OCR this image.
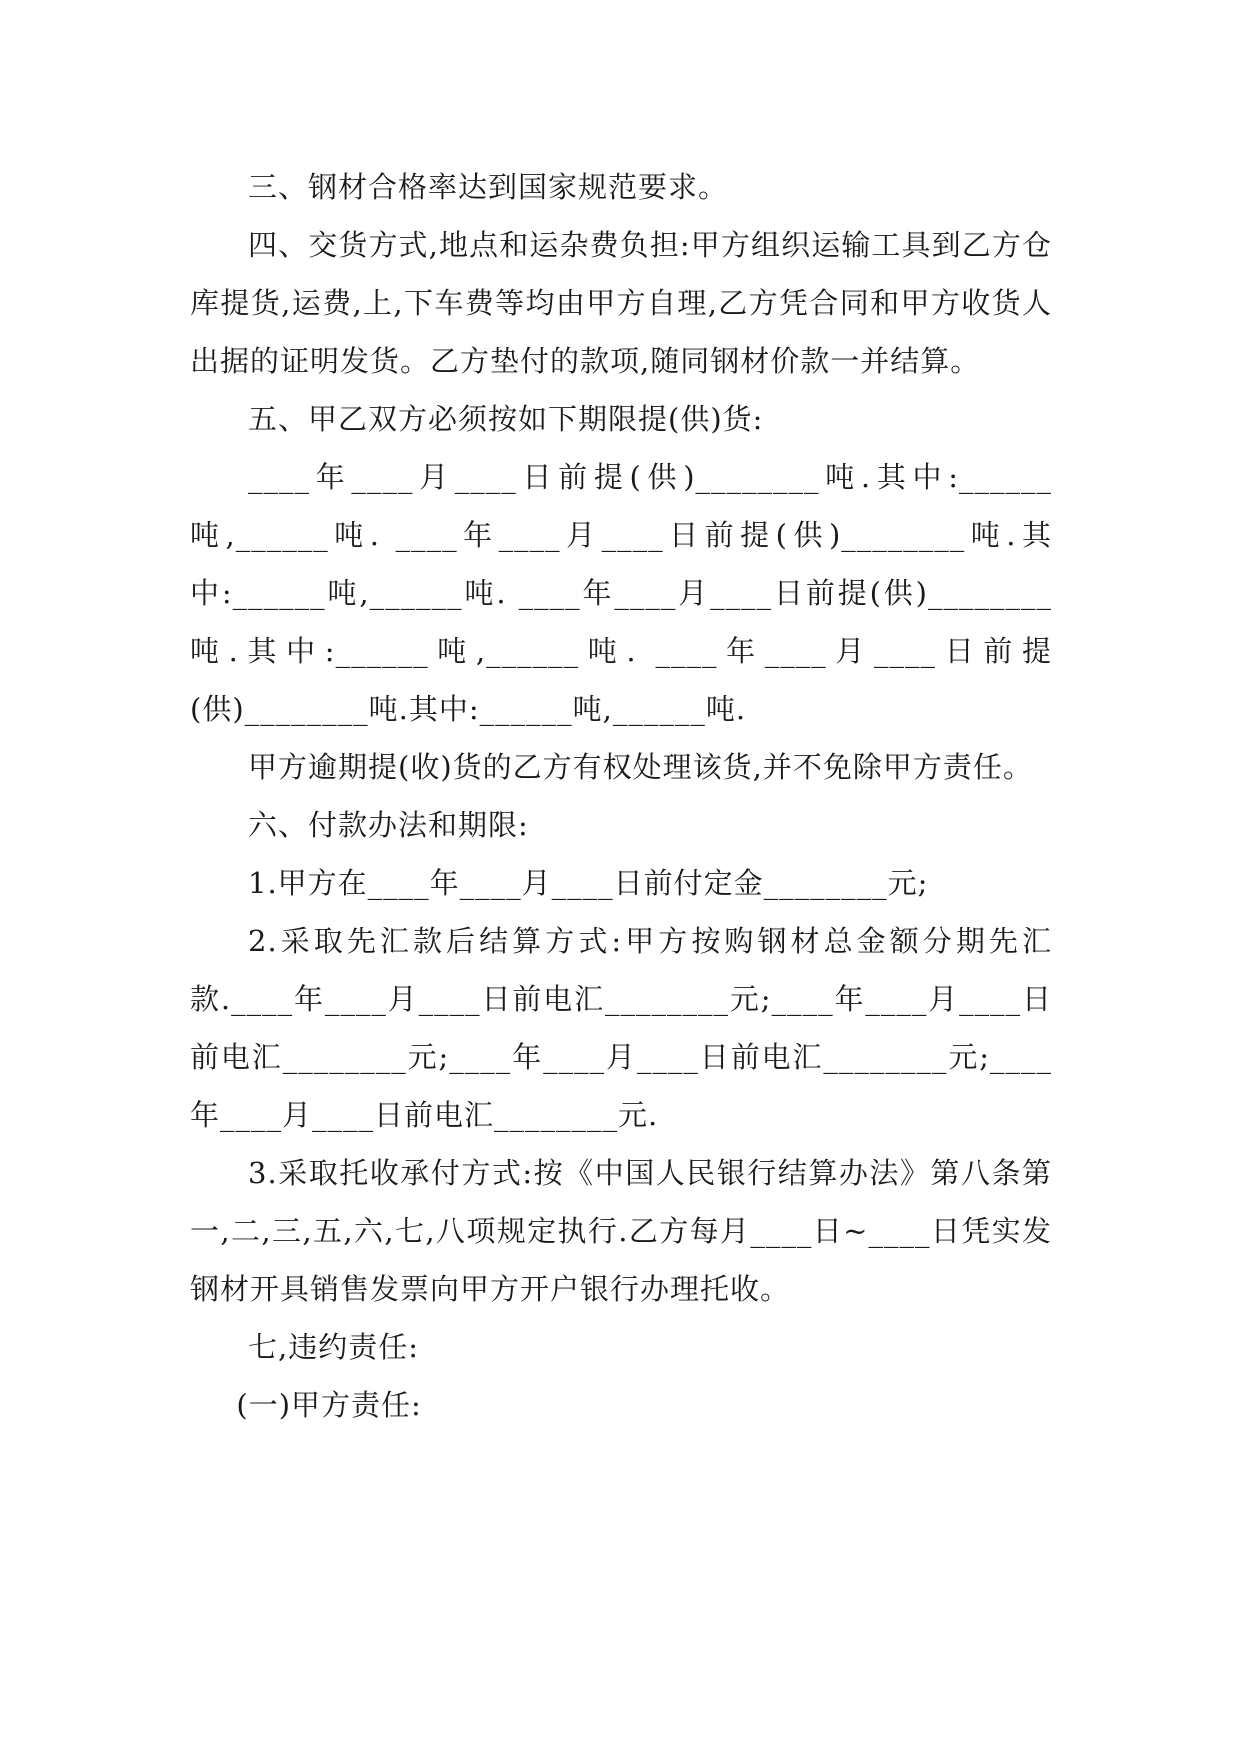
三、钢材合格率达到国家规范要求。

四、交货方式,地点和运杂费负担:甲方组织运输工具到乙方仓库提货,运费,上,下车费等均由甲方自理,乙方凭合同和甲方收货人出据的证明发货。乙方垫付的款项,随同钢材价款一并结算。

五、甲乙双方必须按如下期限提(供)货:

____年____月____日前提(供)________吨.其中:______吨,______吨. ____年____月____日前提(供)________吨.其中:______吨,______吨. ____年____月____日前提(供)________吨.其中:______吨,______吨. ____年____月____日前提(供)________吨.其中:______吨,______吨.

甲方逾期提(收)货的乙方有权处理该货,并不免除甲方责任。

六、付款办法和期限:

1.甲方在____年____月____日前付定金________元;

2.采取先汇款后结算方式:甲方按购钢材总金额分期先汇款.____年____月____日前电汇________元;____年____月____日前电汇________元;____年____月____日前电汇________元;____年____月____日前电汇________元.

3.采取托收承付方式:按《中国人民银行结算办法》第八条第一,二,三,五,六,七,八项规定执行.乙方每月____日~____日凭实发钢材开具销售发票向甲方开户银行办理托收。

七,违约责任:

(一)甲方责任:
